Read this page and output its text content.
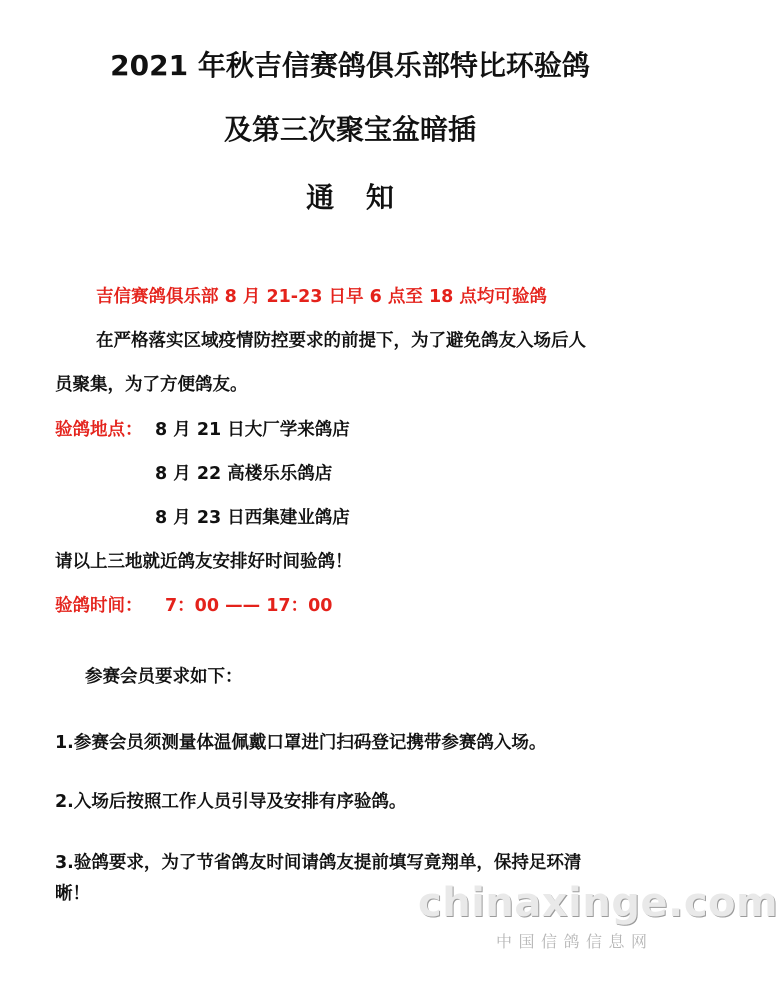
2021 年秋吉信赛鸽俱乐部特比环验鸽
及第三次聚宝盆暗插
通 知
吉信赛鸽俱乐部 8 月 21-23 日早 6 点至 18 点均可验鸽
在严格落实区域疫情防控要求的前提下，为了避免鸽友入场后人
员聚集，为了方便鸽友。
验鸽地点： 8 月 21 日大厂学来鸽店
8 月 22 高楼乐乐鸽店
8 月 23 日西集建业鸽店
请以上三地就近鸽友安排好时间验鸽！
验鸽时间： 7：00 —— 17：00
参赛会员要求如下：
1.参赛会员须测量体温佩戴口罩进门扫码登记携带参赛鸽入场。
2.入场后按照工作人员引导及安排有序验鸽。
3.验鸽要求，为了节省鸽友时间请鸽友提前填写竟翔单，保持足环清
晰！	chinaxinge.com
中国信鸽信息网
